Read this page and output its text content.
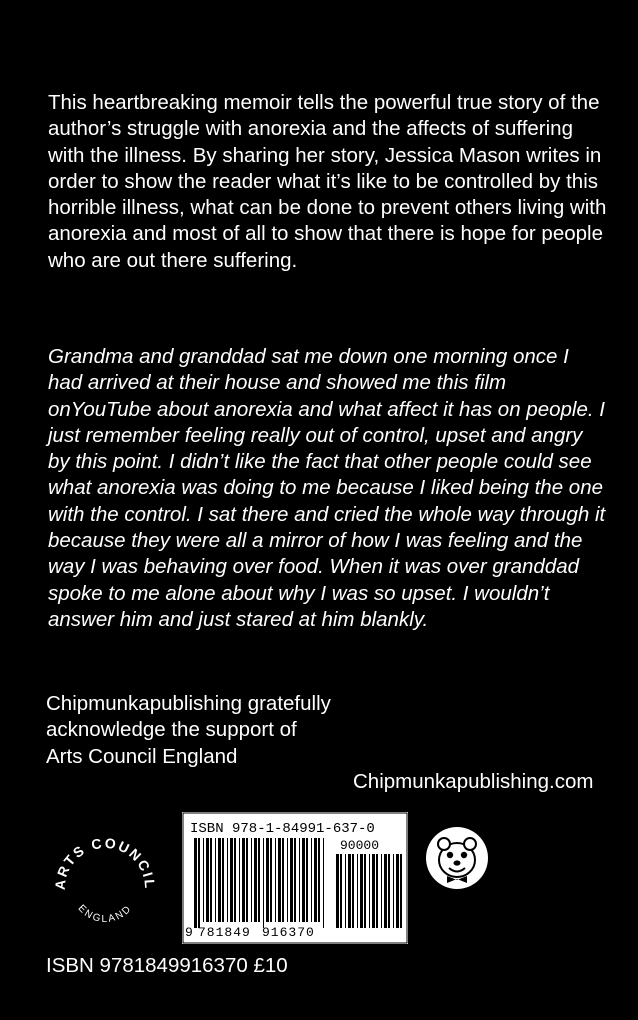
This heartbreaking memoir tells the powerful true story of the author’s struggle with anorexia and the affects of suffering with the illness. By sharing her story, Jessica Mason writes in order to show the reader what it’s like to be controlled by this horrible illness, what can be done to prevent others living with anorexia and most of all to show that there is hope for people who are out there suffering.

Grandma and granddad sat me down one morning once I had arrived at their house and showed me this film onYouTube about anorexia and what affect it has on people. I just remember feeling really out of control, upset and angry by this point. I didn’t like the fact that other people could see what anorexia was doing to me because I liked being the one with the control. I sat there and cried the whole way through it because they were all a mirror of how I was feeling and the way I was behaving over food. When it was over granddad spoke to me alone about why I was so upset. I wouldn’t answer him and just stared at him blankly.

Chipmunkapublishing gratefully acknowledge the support of Arts Council England

Chipmunkapublishing.com

ARTS COUNCIL
ENGLAND
ISBN 978-1-84991-637-0
90000
9 781849 916370

ISBN 9781849916370 £10
